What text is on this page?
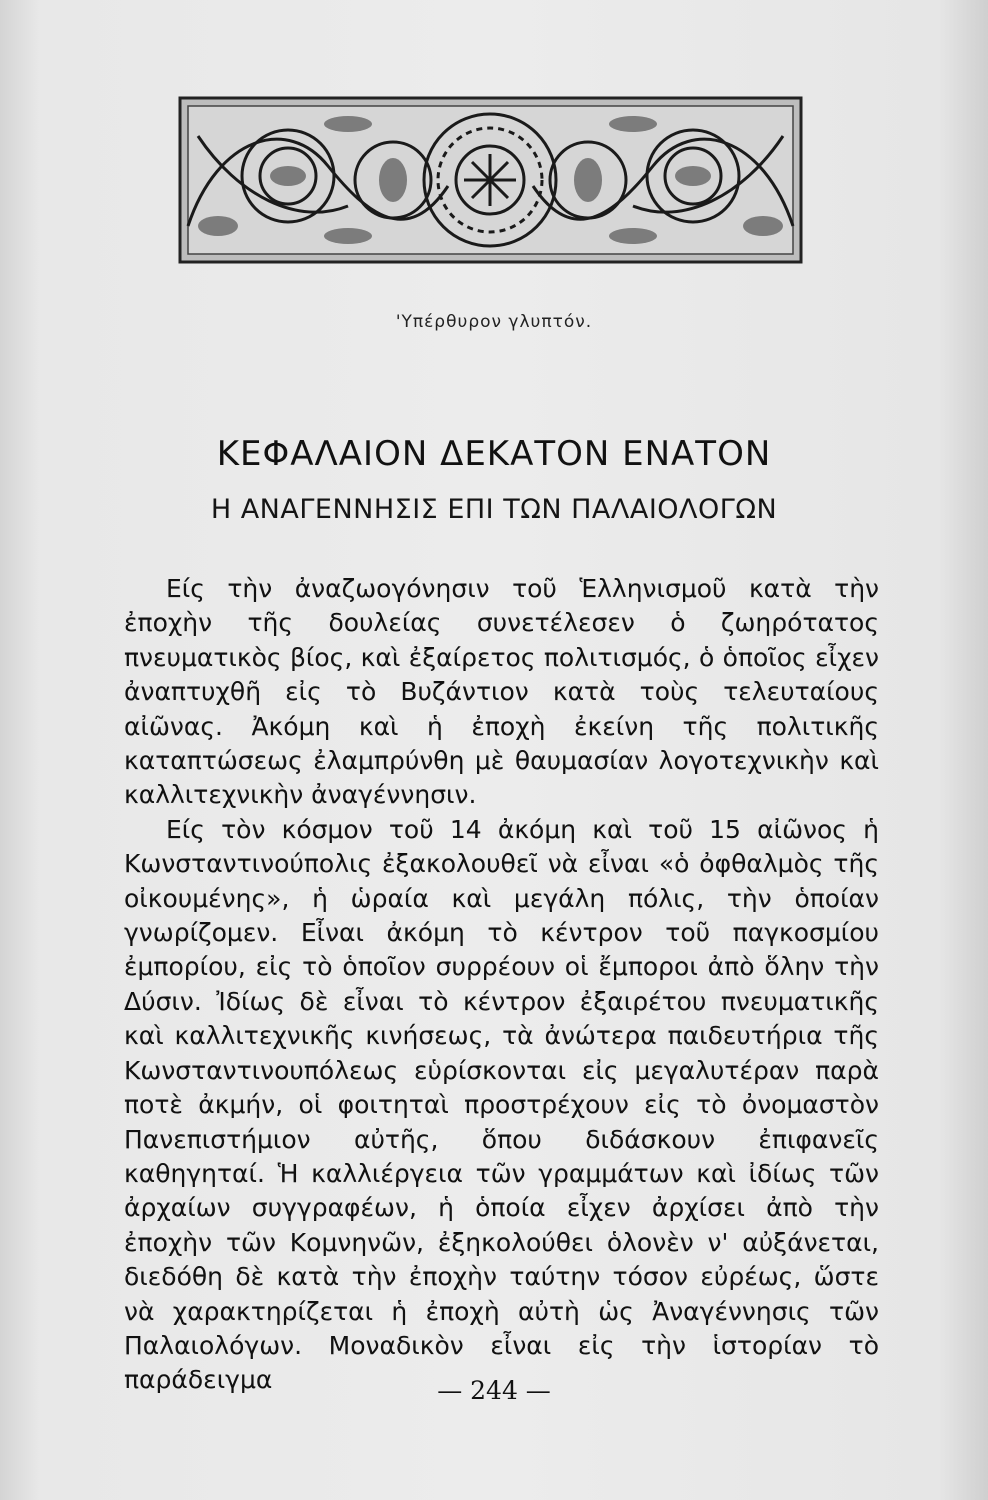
'Υπέρθυρον γλυπτόν.
ΚΕΦΑΛΑΙΟΝ ΔΕΚΑΤΟΝ ΕΝΑΤΟΝ
Η ΑΝΑΓΕΝΝΗΣΙΣ ΕΠΙ ΤΩΝ ΠΑΛΑΙΟΛΟΓΩΝ

Είς τὴν ἀναζωογόνησιν τοῦ Ἑλληνισμοῦ κατὰ τὴν ἐποχὴν τῆς δουλείας συνετέλεσεν ὁ ζωηρότατος πνευματικὸς βίος, καὶ ἐξαίρετος πολιτισμός, ὁ ὁποῖος εἶχεν ἀναπτυχθῆ εἰς τὸ Βυζάντιον κατὰ τοὺς τελευταίους αἰῶνας. Ἀκόμη καὶ ἡ ἐποχὴ ἐκείνη τῆς πολιτικῆς καταπτώσεως ἐλαμπρύνθη μὲ θαυμασίαν λογοτεχνικὴν καὶ καλλιτεχνικὴν ἀναγέννησιν.

Είς τὸν κόσμον τοῦ 14 ἀκόμη καὶ τοῦ 15 αἰῶνος ἡ Κωνσταντινούπολις ἐξακολουθεῖ νὰ εἶναι «ὁ ὀφθαλμὸς τῆς οἰκουμένης», ἡ ὡραία καὶ μεγάλη πόλις, τὴν ὁποίαν γνωρίζομεν. Εἶναι ἀκόμη τὸ κέντρον τοῦ παγκοσμίου ἐμπορίου, εἰς τὸ ὁποῖον συρρέουν οἱ ἔμποροι ἀπὸ ὅλην τὴν Δύσιν. Ἰδίως δὲ εἶναι τὸ κέντρον ἐξαιρέτου πνευματικῆς καὶ καλλιτεχνικῆς κινήσεως, τὰ ἀνώτερα παιδευτήρια τῆς Κωνσταντινουπόλεως εὑρίσκονται εἰς μεγαλυτέραν παρὰ ποτὲ ἀκμήν, οἱ φοιτηταὶ προστρέχουν εἰς τὸ ὀνομαστὸν Πανεπιστήμιον αὐτῆς, ὅπου διδάσκουν ἐπιφανεῖς καθηγηταί. Ἡ καλλιέργεια τῶν γραμμάτων καὶ ἰδίως τῶν ἀρχαίων συγγραφέων, ἡ ὁποία εἶχεν ἀρχίσει ἀπὸ τὴν ἐποχὴν τῶν Κομνηνῶν, ἐξηκολούθει ὁλονὲν ν' αὐξάνεται, διεδόθη δὲ κατὰ τὴν ἐποχὴν ταύτην τόσον εὐρέως, ὥστε νὰ χαρακτηρίζεται ἡ ἐποχὴ αὐτὴ ὡς Ἀναγέννησις τῶν Παλαιολόγων. Μοναδικὸν εἶναι εἰς τὴν ἱστορίαν τὸ παράδειγμα	— 244 —
